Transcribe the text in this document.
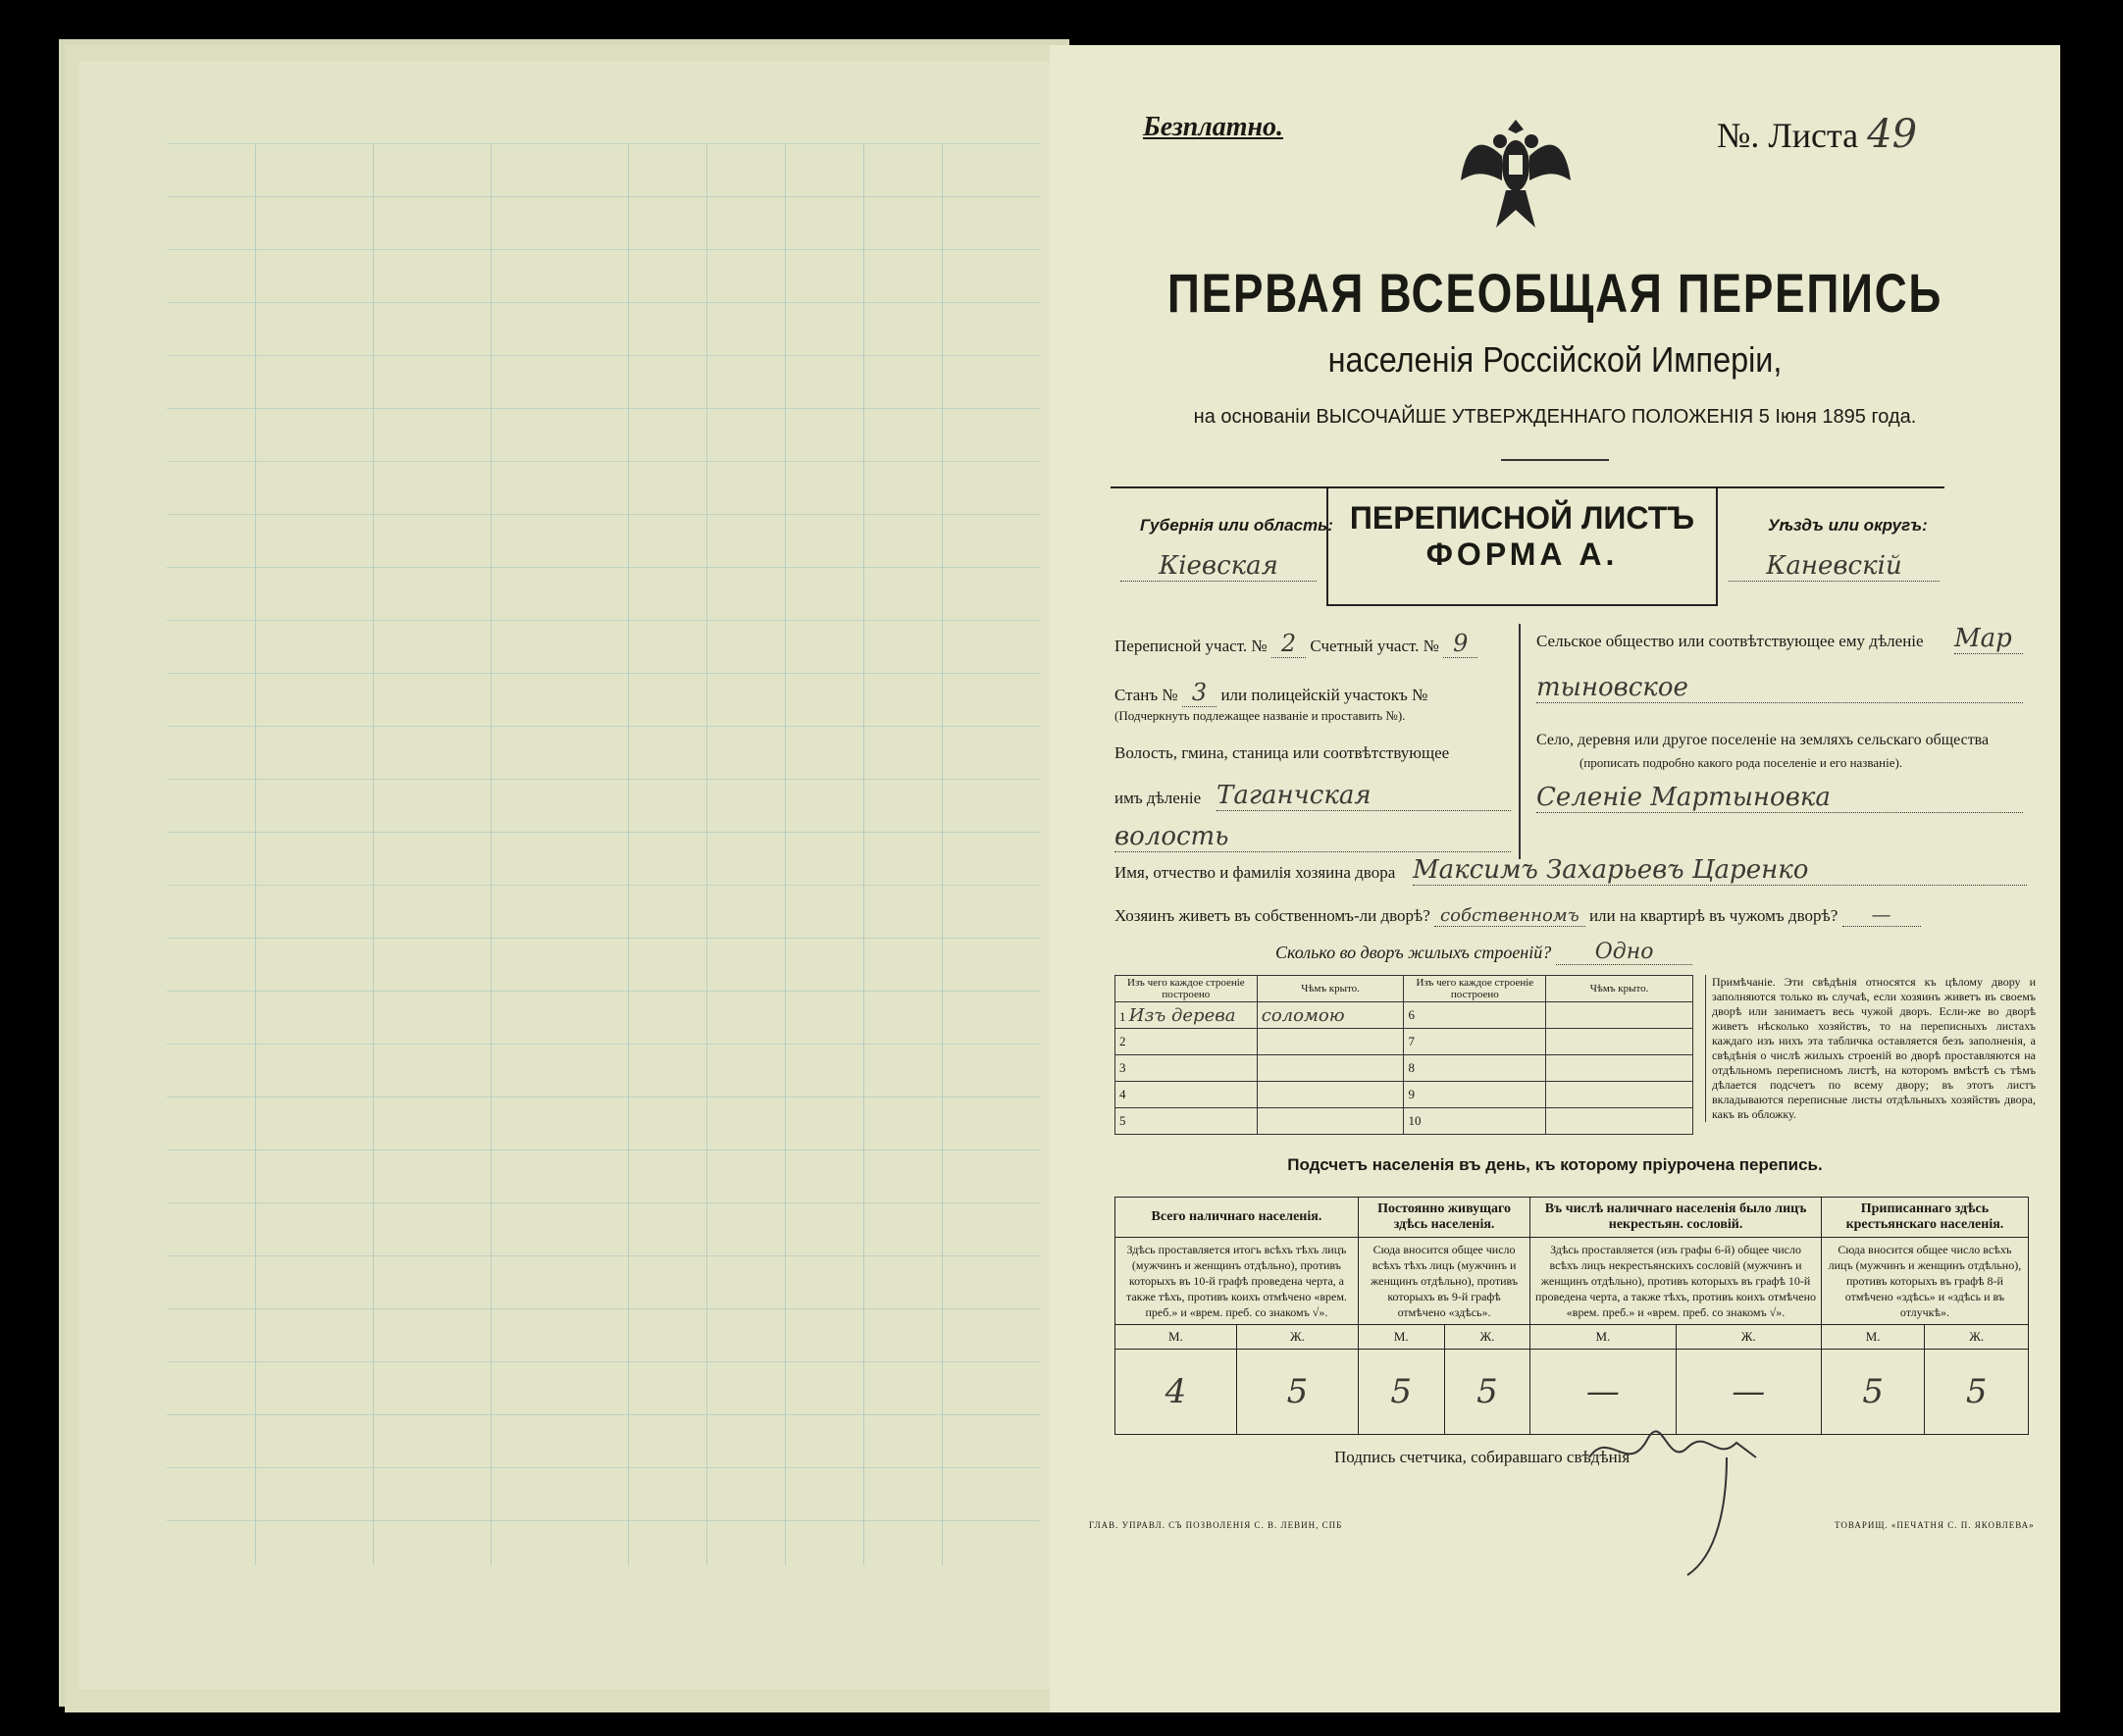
Безплатно.	№. Листа 49
ПЕРВАЯ ВСЕОБЩАЯ ПЕРЕПИСЬ
населенія Россійской Имперіи,
на основаніи ВЫСОЧАЙШЕ УТВЕРЖДЕННАГО ПОЛОЖЕНІЯ 5 Іюня 1895 года.
Губернія или область:
Кіевская
ПЕРЕПИСНОЙ ЛИСТЪ
ФОРМА А.
Уѣздъ или округъ:
Каневскій
Переписной участ. № 2 Счетный участ. № 9
Станъ № 3 или полицейскій участокъ №
(Подчеркнуть подлежащее названіе и проставить №).
Волость, гмина, станица или соотвѣтствующее
имъ дѣленіе Таганчская
волость
Сельское общество или соотвѣтствующее ему дѣленіе Мар
тыновское
Село, деревня или другое поселеніе на земляхъ сельскаго общества
(прописать подробно какого рода поселеніе и его названіе).
Селеніе Мартыновка
Имя, отчество и фамилія хозяина двора Максимъ Захарьевъ Царенко
Хозяинъ живетъ въ собственномъ-ли дворѣ? собственномъ или на квартирѣ въ чужомъ дворѣ? —
Сколько во дворъ жилыхъ строеній? Одно
Изъ чего каждое строеніе построено	Чѣмъ крыто.	Изъ чего каждое строеніе построено	Чѣмъ крыто.
1 Изъ дерева	соломою	6	
2		7	
3		8	
4		9	
5		10	
Примѣчаніе. Эти свѣдѣнія относятся къ цѣлому двору и заполняются только въ случаѣ, если хозяинъ живетъ въ своемъ дворѣ или занимаетъ весь чужой дворъ. Если-же во дворѣ живетъ нѣсколько хозяйствъ, то на переписныхъ листахъ каждаго изъ нихъ эта табличка оставляется безъ заполненія, а свѣдѣнія о числѣ жилыхъ строеній во дворѣ проставляются на отдѣльномъ переписномъ листѣ, на которомъ вмѣстѣ съ тѣмъ дѣлается подсчетъ по всему двору; въ этотъ листъ вкладываются переписные листы отдѣльныхъ хозяйствъ двора, какъ въ обложку.
Подсчетъ населенія въ день, къ которому пріурочена перепись.
Всего наличнаго населенія.		Постоянно живущаго здѣсь населенія.		Въ числѣ наличнаго населенія было лицъ некрестьян. сословій.		Приписаннаго здѣсь крестьянскаго населенія.	
Здѣсь проставляется итогъ всѣхъ тѣхъ лицъ (мужчинъ и женщинъ отдѣльно), противъ которыхъ въ 10-й графѣ проведена черта, а также тѣхъ, противъ коихъ отмѣчено «врем. преб.» и «врем. преб. со знакомъ √».		Сюда вносится общее число всѣхъ тѣхъ лицъ (мужчинъ и женщинъ отдѣльно), противъ которыхъ въ 9-й графѣ отмѣчено «здѣсь».		Здѣсь проставляется (изъ графы 6-й) общее число всѣхъ лицъ некрестьянскихъ сословій (мужчинъ и женщинъ отдѣльно), противъ которыхъ въ графѣ 10-й проведена черта, а также тѣхъ, противъ коихъ отмѣчено «врем. преб.» и «врем. преб. со знакомъ √».		Сюда вносится общее число всѣхъ лицъ (мужчинъ и женщинъ отдѣльно), противъ которыхъ въ графѣ 8-й отмѣчено «здѣсь» и «здѣсь и въ отлучкѣ».	
М.	Ж.	М.	Ж.	М.	Ж.	М.	Ж.
4	5	5	5	—	—	5	5
Подпись счетчика, собиравшаго свѣдѣнія
ГЛАВ. УПРАВЛ. СЪ ПОЗВОЛЕНІЯ С. В. ЛЕВИН, СПБ	ТОВАРИЩ. «ПЕЧАТНЯ С. П. ЯКОВЛЕВА»
